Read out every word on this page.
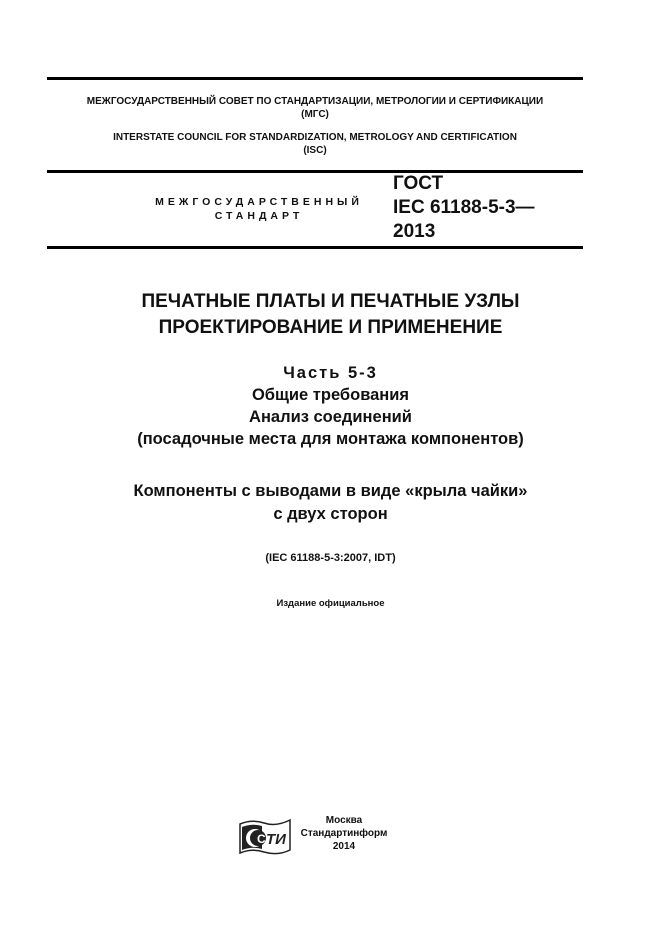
МЕЖГОСУДАРСТВЕННЫЙ СОВЕТ ПО СТАНДАРТИЗАЦИИ, МЕТРОЛОГИИ И СЕРТИФИКАЦИИ
(МГС)
INTERSTATE COUNCIL FOR STANDARDIZATION, METROLOGY AND CERTIFICATION
(ISC)
МЕЖГОСУДАРСТВЕННЫЙ
СТАНДАРТ
ГОСТ
IEC 61188-5-3—
2013
ПЕЧАТНЫЕ ПЛАТЫ И ПЕЧАТНЫЕ УЗЛЫ
ПРОЕКТИРОВАНИЕ И ПРИМЕНЕНИЕ
Часть 5-3
Общие требования
Анализ соединений
(посадочные места для монтажа компонентов)
Компоненты с выводами в виде «крыла чайки»
с двух сторон
(IEC 61188-5-3:2007, IDT)
Издание официальное
С ТИ
Москва
Стандартинформ
2014
